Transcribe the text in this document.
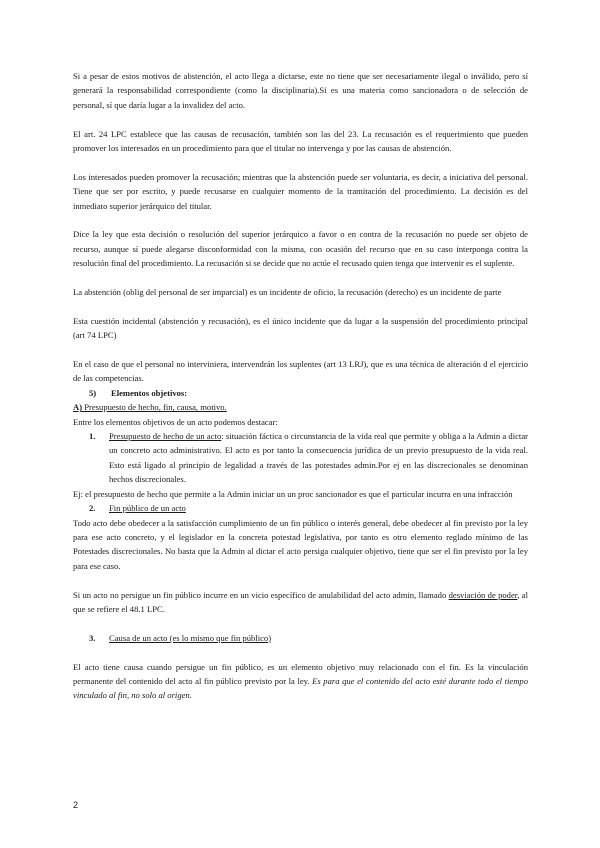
Si a pesar de estos motivos de abstención, el acto llega a dictarse, este no tiene que ser necesariamente ilegal o inválido, pero sí generará la responsabilidad correspondiente (como la disciplinaria).Si es una materia como sancionadora o de selección de personal, sí que daría lugar a la invalidez del acto.

El art. 24 LPC establece que las causas de recusación, también son las del 23. La recusación es el requerimiento que pueden promover los interesados en un procedimiento para que el titular no intervenga y por las causas de abstención.

Los interesados pueden promover la recusación; mientras que la abstención puede ser voluntaria, es decir, a iniciativa del personal. Tiene que ser por escrito, y puede recusarse en cualquier momento de la tramitación del procedimiento. La decisión es del inmediato superior jerárquico del titular.

Dice la ley que esta decisión o resolución del superior jerárquico a favor o en contra de la recusación no puede ser objeto de recurso, aunque sí puede alegarse disconformidad con la misma, con ocasión del recurso que en su caso interponga contra la resolución final del procedimiento. La recusación si se decide que no actúe el recusado quien tenga que intervenir es el suplente.

La abstención (oblig del personal de ser imparcial) es un incidente de oficio, la recusación (derecho) es un incidente de parte

Esta cuestión incidental (abstención y recusación), es el único incidente que da lugar a la suspensión del procedimiento principal (art 74 LPC)

En el caso de que el personal no interviniera, intervendrán los suplentes (art 13 LRJ), que es una técnica de alteración d el ejercicio de las competencias.

5) Elementos objetivos:

A) Presupuesto de hecho, fin, causa, motivo.

Entre los elementos objetivos de un acto podemos destacar:

1. Presupuesto de hecho de un acto: situación fáctica o circunstancia de la vida real que permite y obliga a la Admin a dictar un concreto acto administrativo. El acto es por tanto la consecuencia jurídica de un previo presupuesto de la vida real. Esto está ligado al principio de legalidad a través de las potestades admin.Por ej en las discrecionales se denominan hechos discrecionales.

Ej: el presupuesto de hecho que permite a la Admin iniciar un un proc sancionador es que el particular incurra en una infracción

2. Fin público de un acto

Todo acto debe obedecer a la satisfacción cumplimiento de un fin público o interés general, debe obedecer al fin previsto por la ley para ese acto concreto, y el legislador en la concreta potestad legislativa, por tanto es otro elemento reglado mínimo de las Potestades discrecionales. No basta que la Admin al dictar el acto persiga cualquier objetivo, tiene que ser el fin previsto por la ley para ese caso.

Si un acto no persigue un fin público incurre en un vicio específico de anulabilidad del acto admin, llamado desviación de poder, al que se refiere el 48.1 LPC.

3. Causa de un acto (es lo mismo que fin público)

El acto tiene causa cuando persigue un fin público, es un elemento objetivo muy relacionado con el fin. Es la vinculación permanente del contenido del acto al fin público previsto por la ley. Es para que el contenido del acto esté durante todo el tiempo vinculado al fin, no solo al origen.

2
